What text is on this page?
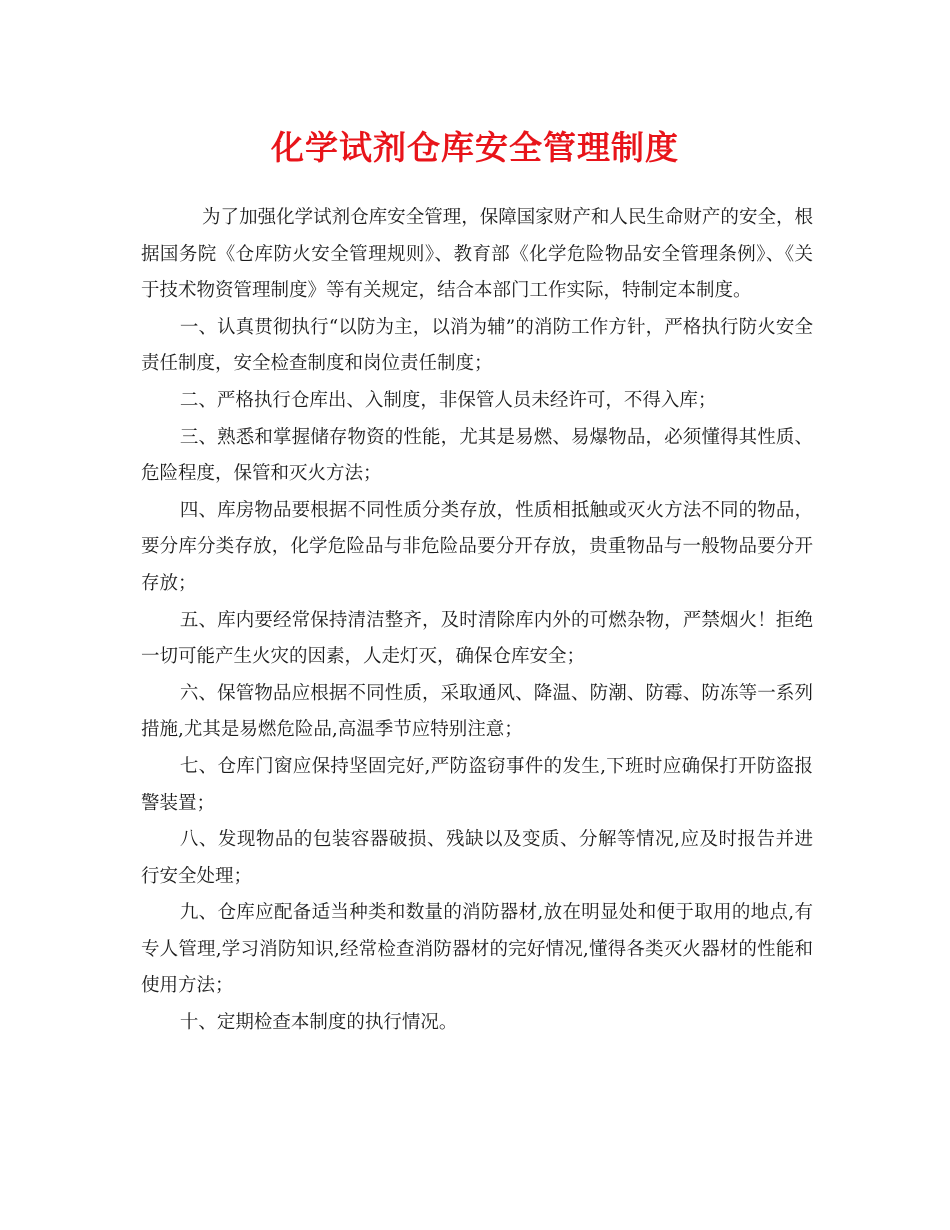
化学试剂仓库安全管理制度

为了加强化学试剂仓库安全管理，保障国家财产和人民生命财产的安全，根据国务院《仓库防火安全管理规则》、教育部《化学危险物品安全管理条例》、《关于技术物资管理制度》等有关规定，结合本部门工作实际，特制定本制度。

一、认真贯彻执行“以防为主，以消为辅”的消防工作方针，严格执行防火安全责任制度，安全检查制度和岗位责任制度；

二、严格执行仓库出、入制度，非保管人员未经许可，不得入库；

三、熟悉和掌握储存物资的性能，尤其是易燃、易爆物品，必须懂得其性质、危险程度，保管和灭火方法；

四、库房物品要根据不同性质分类存放，性质相抵触或灭火方法不同的物品，要分库分类存放，化学危险品与非危险品要分开存放，贵重物品与一般物品要分开存放；

五、库内要经常保持清洁整齐，及时清除库内外的可燃杂物，严禁烟火！拒绝一切可能产生火灾的因素，人走灯灭，确保仓库安全；

六、保管物品应根据不同性质，采取通风、降温、防潮、防霉、防冻等一系列措施,尤其是易燃危险品,高温季节应特别注意；

七、仓库门窗应保持坚固完好,严防盗窃事件的发生,下班时应确保打开防盗报警装置；

八、发现物品的包装容器破损、残缺以及变质、分解等情况,应及时报告并进行安全处理；

九、仓库应配备适当种类和数量的消防器材,放在明显处和便于取用的地点,有专人管理,学习消防知识,经常检查消防器材的完好情况,懂得各类灭火器材的性能和使用方法；

十、定期检查本制度的执行情况。
